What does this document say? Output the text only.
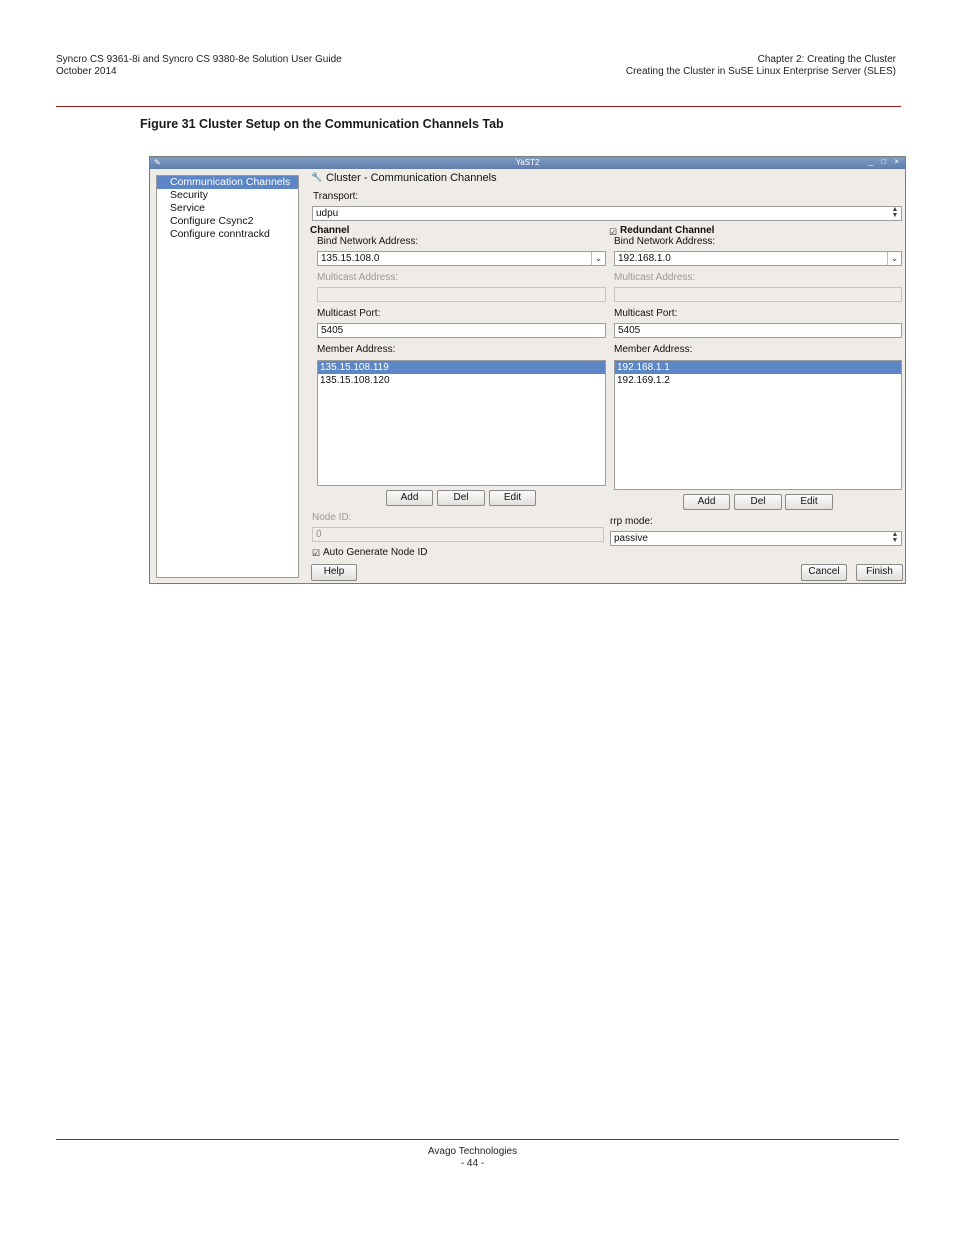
Syncro CS 9361-8i and Syncro CS 9380-8e Solution User Guide
October 2014
Chapter 2: Creating the Cluster
Creating the Cluster in SuSE Linux Enterprise Server (SLES)
Figure 31 Cluster Setup on the Communication Channels Tab
✎	YaST2	_ □ ×
Communication Channels
Security
Service
Configure Csync2
Configure conntrackd
🔧 Cluster - Communication Channels
Transport:
udpu	▲
▼
Channel
Bind Network Address:
135.15.108.0	⌄
Multicast Address:
Multicast Port:
5405
Member Address:
135.15.108.119
135.15.108.120
Add	Del	Edit
☑ Redundant Channel
Bind Network Address:
192.168.1.0	⌄
Multicast Address:
Multicast Port:
5405
Member Address:
192.168.1.1
192.169.1.2
Add	Del	Edit
Node ID:
0
☑ Auto Generate Node ID
rrp mode:
passive	▲
▼
Help	Cancel	Finish
Avago Technologies
- 44 -
